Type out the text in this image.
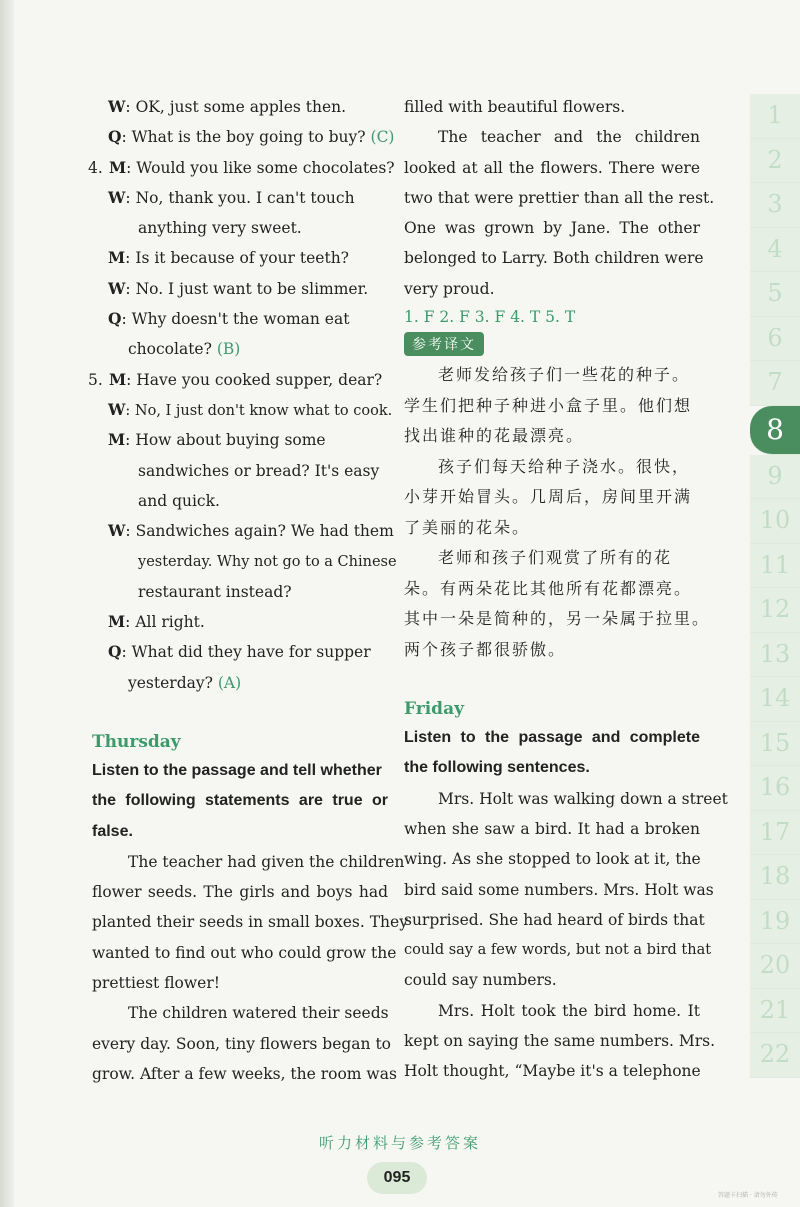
W: OK, just some apples then.
Q: What is the boy going to buy? (C)
4. M: Would you like some chocolates?
W: No, thank you. I can't touch
anything very sweet.
M: Is it because of your teeth?
W: No. I just want to be slimmer.
Q: Why doesn't the woman eat
chocolate? (B)
5. M: Have you cooked supper, dear?
W: No, I just don't know what to cook.
M: How about buying some
sandwiches or bread? It's easy
and quick.
W: Sandwiches again? We had them
yesterday. Why not go to a Chinese
restaurant instead?
M: All right.
Q: What did they have for supper
yesterday? (A)
Thursday
Listen to the passage and tell whether
the following statements are true or
false.
The teacher had given the children
flower seeds. The girls and boys had
planted their seeds in small boxes. They
wanted to find out who could grow the
prettiest flower!
The children watered their seeds
every day. Soon, tiny flowers began to
grow. After a few weeks, the room was
filled with beautiful flowers.
The teacher and the children
looked at all the flowers. There were
two that were prettier than all the rest.
One was grown by Jane. The other
belonged to Larry. Both children were
very proud.
1. F 2. F 3. F 4. T 5. T
参考译文
老师发给孩子们一些花的种子。
学生们把种子种进小盒子里。他们想
找出谁种的花最漂亮。
孩子们每天给种子浇水。很快，
小芽开始冒头。几周后，房间里开满
了美丽的花朵。
老师和孩子们观赏了所有的花
朵。有两朵花比其他所有花都漂亮。
其中一朵是简种的，另一朵属于拉里。
两个孩子都很骄傲。
Friday
Listen to the passage and complete
the following sentences.
Mrs. Holt was walking down a street
when she saw a bird. It had a broken
wing. As she stopped to look at it, the
bird said some numbers. Mrs. Holt was
surprised. She had heard of birds that
could say a few words, but not a bird that
could say numbers.
Mrs. Holt took the bird home. It
kept on saying the same numbers. Mrs.
Holt thought, “Maybe it's a telephone
1
2
3
4
5
6
7
8
9
10
11
12
13
14
15
16
17
18
19
20
21
22
听力材料与参考答案
095
答题卡扫描 · 请勿外传
